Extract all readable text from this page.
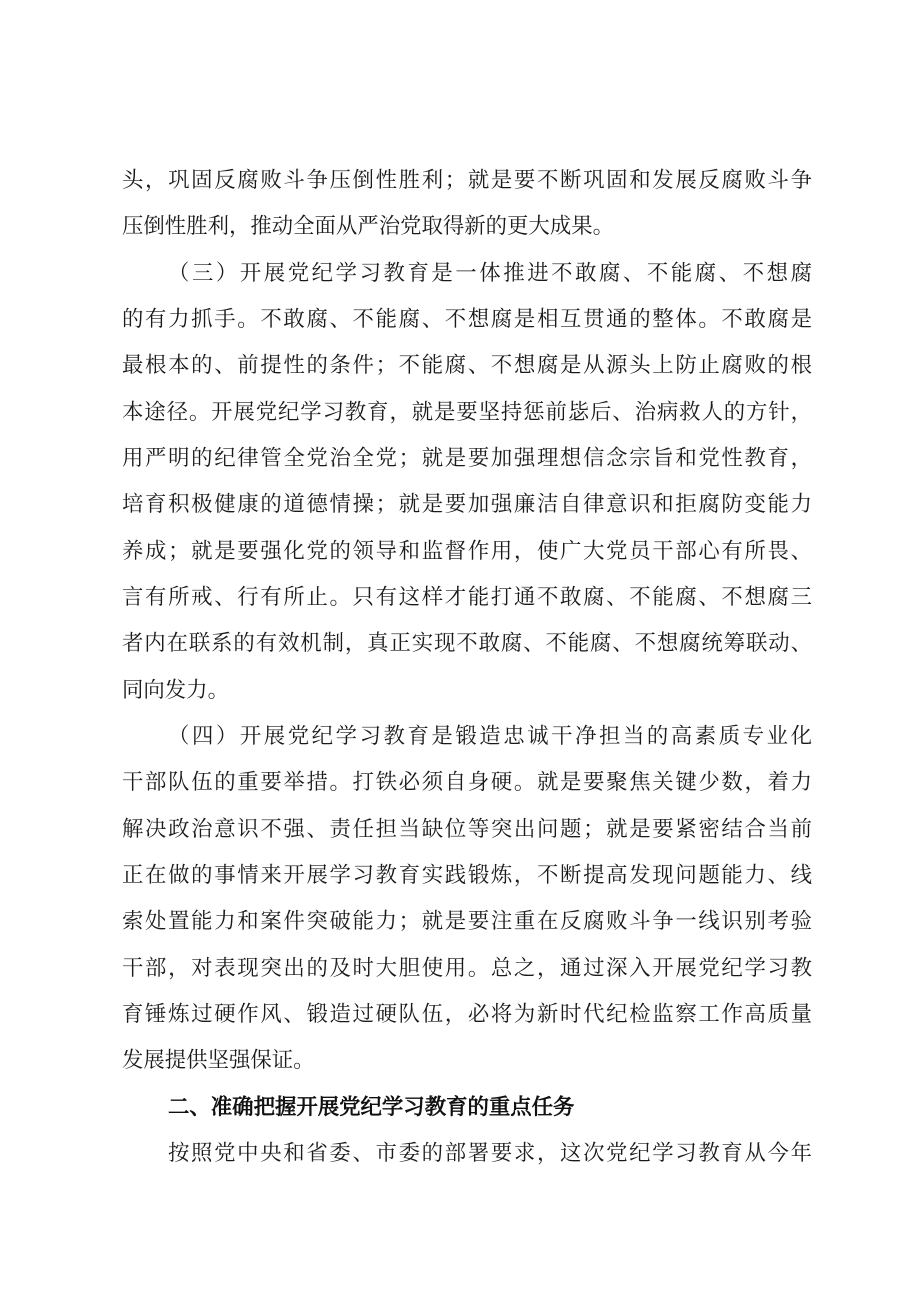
头，巩固反腐败斗争压倒性胜利；就是要不断巩固和发展反腐败斗争

压倒性胜利，推动全面从严治党取得新的更大成果。

（三）开展党纪学习教育是一体推进不敢腐、不能腐、不想腐

的有力抓手。不敢腐、不能腐、不想腐是相互贯通的整体。不敢腐是

最根本的、前提性的条件；不能腐、不想腐是从源头上防止腐败的根

本途径。开展党纪学习教育，就是要坚持惩前毖后、治病救人的方针，

用严明的纪律管全党治全党；就是要加强理想信念宗旨和党性教育，

培育积极健康的道德情操；就是要加强廉洁自律意识和拒腐防变能力

养成；就是要强化党的领导和监督作用，使广大党员干部心有所畏、

言有所戒、行有所止。只有这样才能打通不敢腐、不能腐、不想腐三

者内在联系的有效机制，真正实现不敢腐、不能腐、不想腐统筹联动、

同向发力。

（四）开展党纪学习教育是锻造忠诚干净担当的高素质专业化

干部队伍的重要举措。打铁必须自身硬。就是要聚焦关键少数，着力

解决政治意识不强、责任担当缺位等突出问题；就是要紧密结合当前

正在做的事情来开展学习教育实践锻炼，不断提高发现问题能力、线

索处置能力和案件突破能力；就是要注重在反腐败斗争一线识别考验

干部，对表现突出的及时大胆使用。总之，通过深入开展党纪学习教

育锤炼过硬作风、锻造过硬队伍，必将为新时代纪检监察工作高质量

发展提供坚强保证。

二、准确把握开展党纪学习教育的重点任务

按照党中央和省委、市委的部署要求，这次党纪学习教育从今年
